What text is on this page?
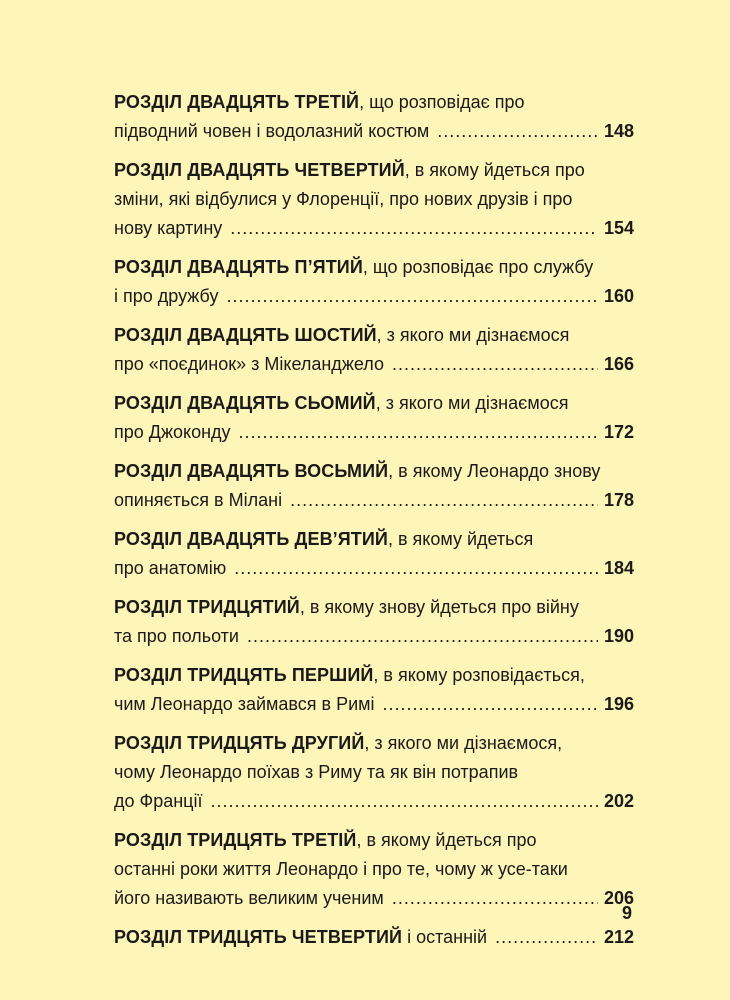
РОЗДІЛ ДВАДЦЯТЬ ТРЕТІЙ, що розповідає про
підводний човен і водолазний костюм .....	148
РОЗДІЛ ДВАДЦЯТЬ ЧЕТВЕРТИЙ, в якому йдеться про
зміни, які відбулися у Флоренції, про нових друзів і про
нову картину .....	154
РОЗДІЛ ДВАДЦЯТЬ П’ЯТИЙ, що розповідає про службу
і про дружбу .....	160
РОЗДІЛ ДВАДЦЯТЬ ШОСТИЙ, з якого ми дізнаємося
про «поєдинок» з Мікеланджело .....	166
РОЗДІЛ ДВАДЦЯТЬ СЬОМИЙ, з якого ми дізнаємося
про Джоконду .....	172
РОЗДІЛ ДВАДЦЯТЬ ВОСЬМИЙ, в якому Леонардо знову
опиняється в Мілані .....	178
РОЗДІЛ ДВАДЦЯТЬ ДЕВ’ЯТИЙ, в якому йдеться
про анатомію .....	184
РОЗДІЛ ТРИДЦЯТИЙ, в якому знову йдеться про війну
та про польоти .....	190
РОЗДІЛ ТРИДЦЯТЬ ПЕРШИЙ, в якому розповідається,
чим Леонардо займався в Римі .....	196
РОЗДІЛ ТРИДЦЯТЬ ДРУГИЙ, з якого ми дізнаємося,
чому Леонардо поїхав з Риму та як він потрапив
до Франції .....	202
РОЗДІЛ ТРИДЦЯТЬ ТРЕТІЙ, в якому йдеться про
останні роки життя Леонардо і про те, чому ж усе-таки
його називають великим ученим .....	206
РОЗДІЛ ТРИДЦЯТЬ ЧЕТВЕРТИЙ і останній .....	212
9
